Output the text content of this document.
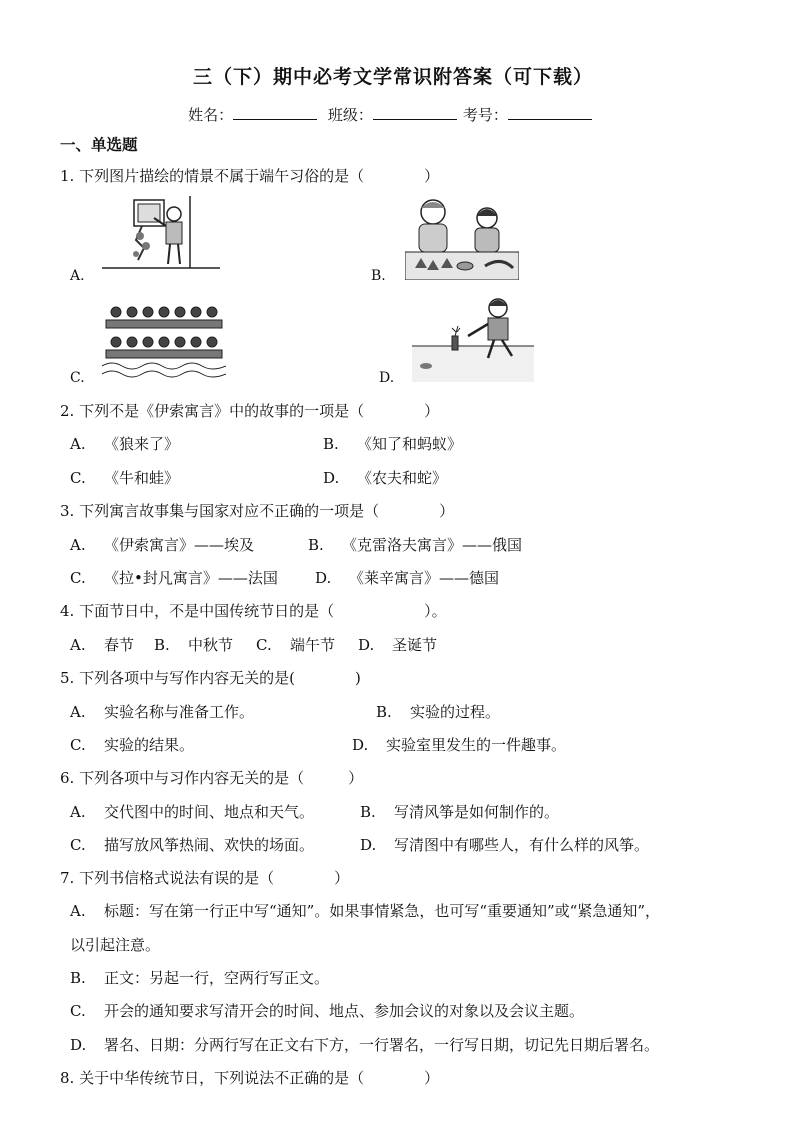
三（下）期中必考文学常识附答案（可下载）
姓名：	班级：	考号：
一、单选题
1. 下列图片描绘的情景不属于端午习俗的是（	）
A.	B.
C.	D.
2. 下列不是《伊索寓言》中的故事的一项是（	）
A. 《狼来了》	B. 《知了和蚂蚁》
C. 《牛和蛙》	D. 《农夫和蛇》
3. 下列寓言故事集与国家对应不正确的一项是（	）
A. 《伊索寓言》——埃及	B. 《克雷洛夫寓言》——俄国
C. 《拉•封凡寓言》——法国 D. 《莱辛寓言》——德国
4. 下面节日中，不是中国传统节日的是（	）。
A. 春节 B. 中秋节 C. 端午节 D. 圣诞节
5. 下列各项中与写作内容无关的是(	)
A. 实验名称与准备工作。	B. 实验的过程。
C. 实验的结果。	D. 实验室里发生的一件趣事。
6. 下列各项中与习作内容无关的是（	）
A. 交代图中的时间、地点和天气。	B. 写清风筝是如何制作的。
C. 描写放风筝热闹、欢快的场面。	D. 写清图中有哪些人，有什么样的风筝。
7. 下列书信格式说法有误的是（	）
A. 标题：写在第一行正中写“通知”。如果事情紧急，也可写“重要通知”或“紧急通知”，
以引起注意。
B. 正文：另起一行，空两行写正文。
C. 开会的通知要求写清开会的时间、地点、参加会议的对象以及会议主题。
D. 署名、日期：分两行写在正文右下方，一行署名，一行写日期，切记先日期后署名。
8. 关于中华传统节日，下列说法不正确的是（	）
